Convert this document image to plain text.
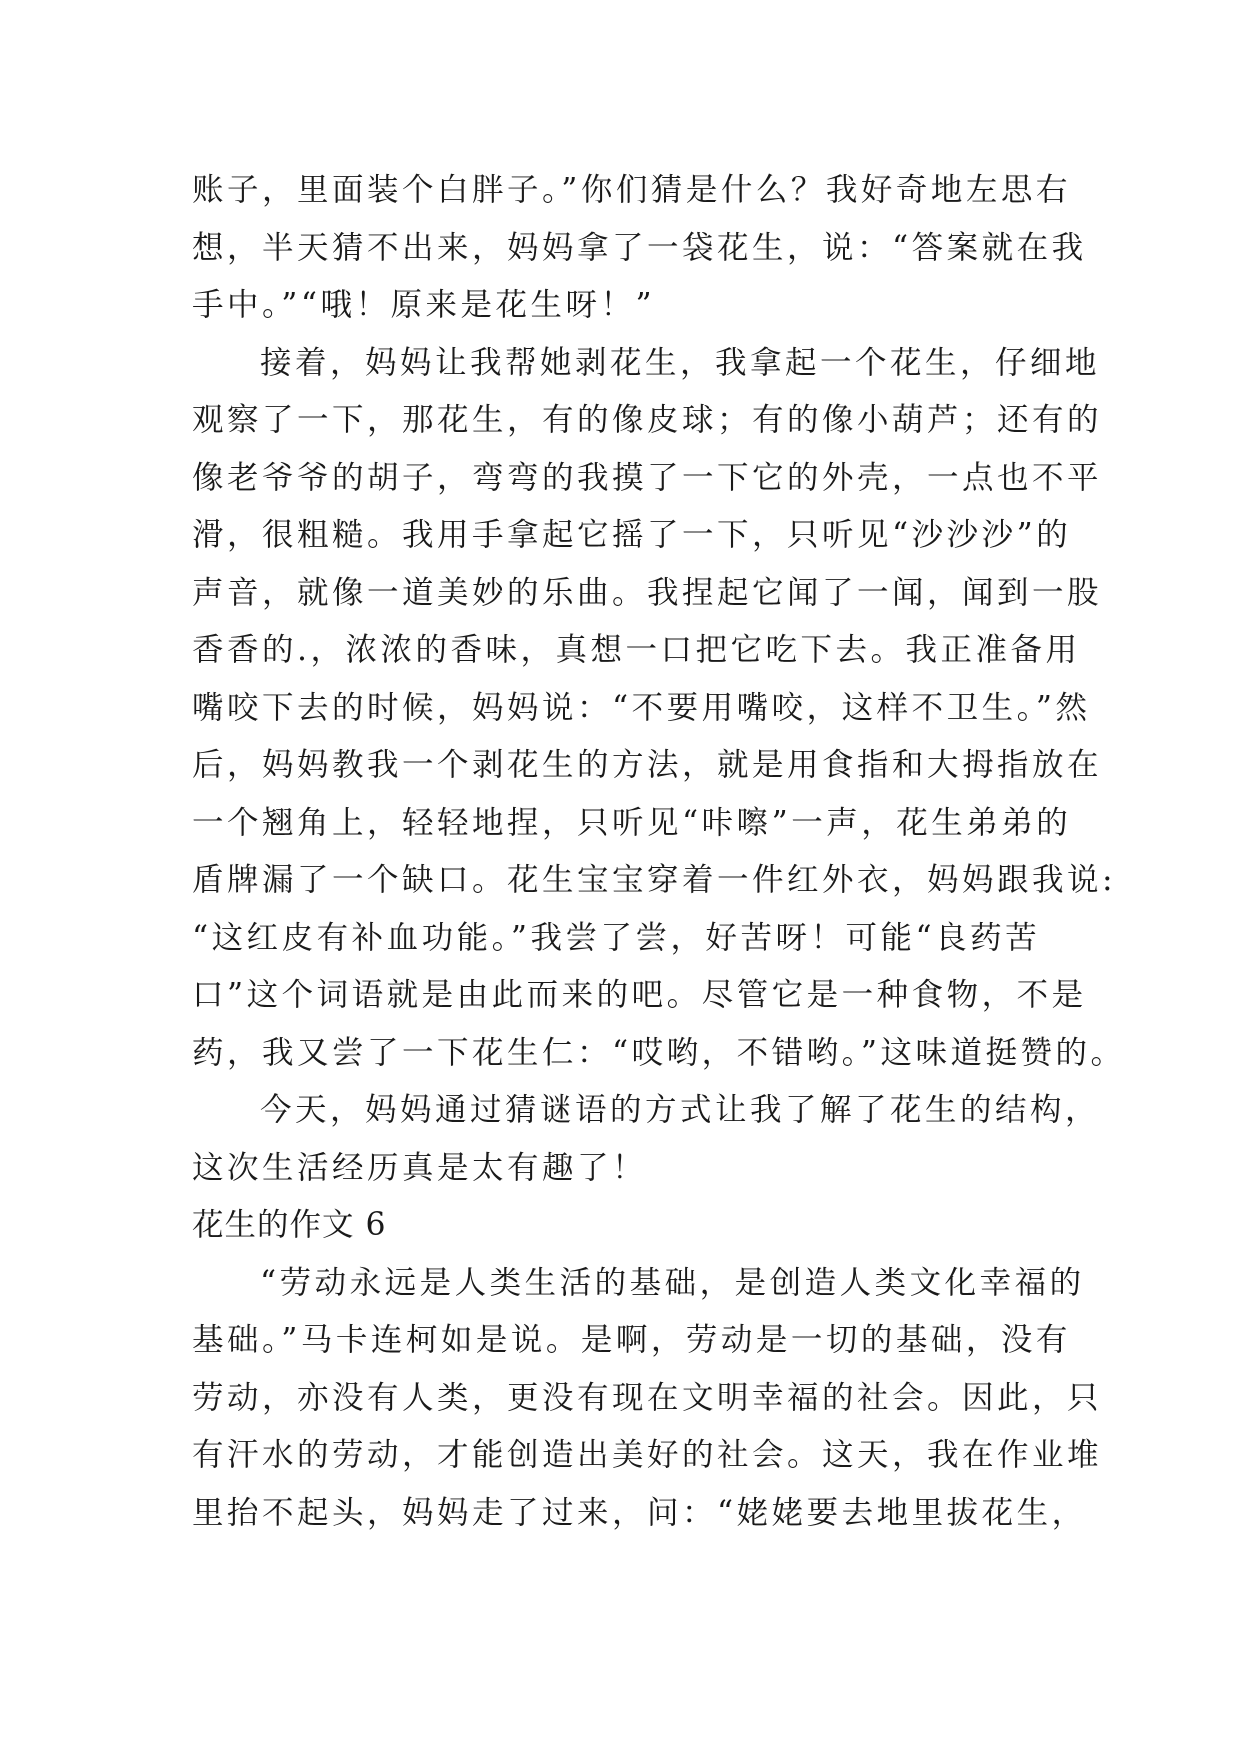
账子，里面装个白胖子。”你们猜是什么？我好奇地左思右
想，半天猜不出来，妈妈拿了一袋花生，说：“答案就在我
手中。”“哦！原来是花生呀！”
接着，妈妈让我帮她剥花生，我拿起一个花生，仔细地
观察了一下，那花生，有的像皮球；有的像小葫芦；还有的
像老爷爷的胡子，弯弯的我摸了一下它的外壳，一点也不平
滑，很粗糙。我用手拿起它摇了一下，只听见“沙沙沙”的
声音，就像一道美妙的乐曲。我捏起它闻了一闻，闻到一股
香香的.，浓浓的香味，真想一口把它吃下去。我正准备用
嘴咬下去的时候，妈妈说：“不要用嘴咬，这样不卫生。”然
后，妈妈教我一个剥花生的方法，就是用食指和大拇指放在
一个翘角上，轻轻地捏，只听见“咔嚓”一声，花生弟弟的
盾牌漏了一个缺口。花生宝宝穿着一件红外衣，妈妈跟我说:
“这红皮有补血功能。”我尝了尝，好苦呀！可能“良药苦
口”这个词语就是由此而来的吧。尽管它是一种食物，不是
药，我又尝了一下花生仁：“哎哟，不错哟。”这味道挺赞的。
今天，妈妈通过猜谜语的方式让我了解了花生的结构，
这次生活经历真是太有趣了！
花生的作文 6
“劳动永远是人类生活的基础，是创造人类文化幸福的
基础。”马卡连柯如是说。是啊，劳动是一切的基础，没有
劳动，亦没有人类，更没有现在文明幸福的社会。因此，只
有汗水的劳动，才能创造出美好的社会。这天，我在作业堆
里抬不起头，妈妈走了过来，问：“姥姥要去地里拔花生，
